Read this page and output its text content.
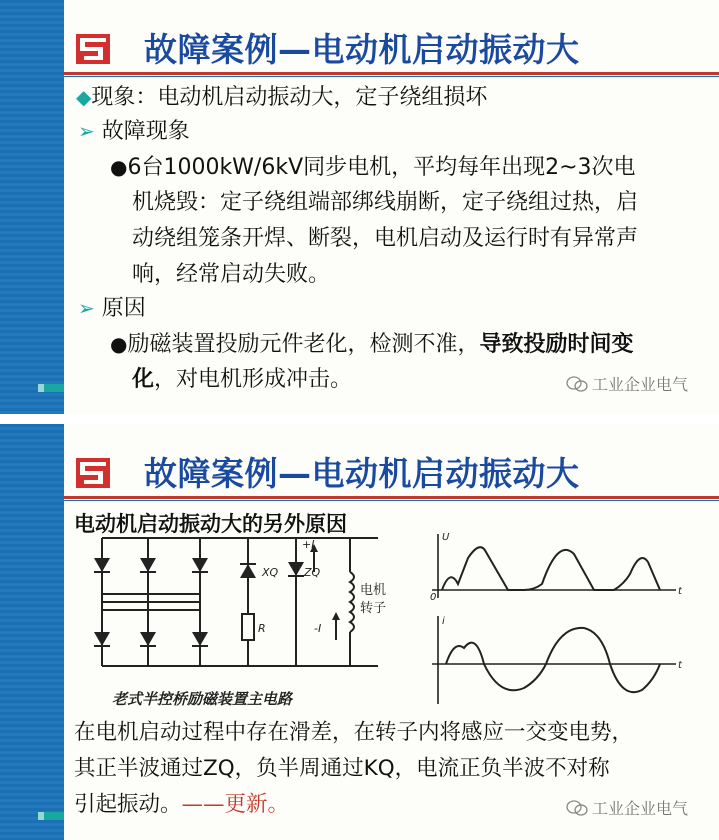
故障案例—电动机启动振动大
◆现象：电动机启动振动大，定子绕组损坏
➢ 故障现象
●6台1000kW/6kV同步电机，平均每年出现2~3次电
机烧毁：定子绕组端部绑线崩断，定子绕组过热，启
动绕组笼条开焊、断裂，电机启动及运行时有异常声
响，经常启动失败。
➢ 原因
●励磁装置投励元件老化，检测不准，导致投励时间变
化，对电机形成冲击。	工业企业电气
故障案例—电动机启动振动大
电动机启动振动大的另外原因
XQ
+I
ZQ
R	-I
电机
转子
老式半控桥励磁装置主电路
U
0
t
i
t
在电机启动过程中存在滑差，在转子内将感应一交变电势，
其正半波通过ZQ，负半周通过KQ，电流正负半波不对称
引起振动。——更新。	工业企业电气
